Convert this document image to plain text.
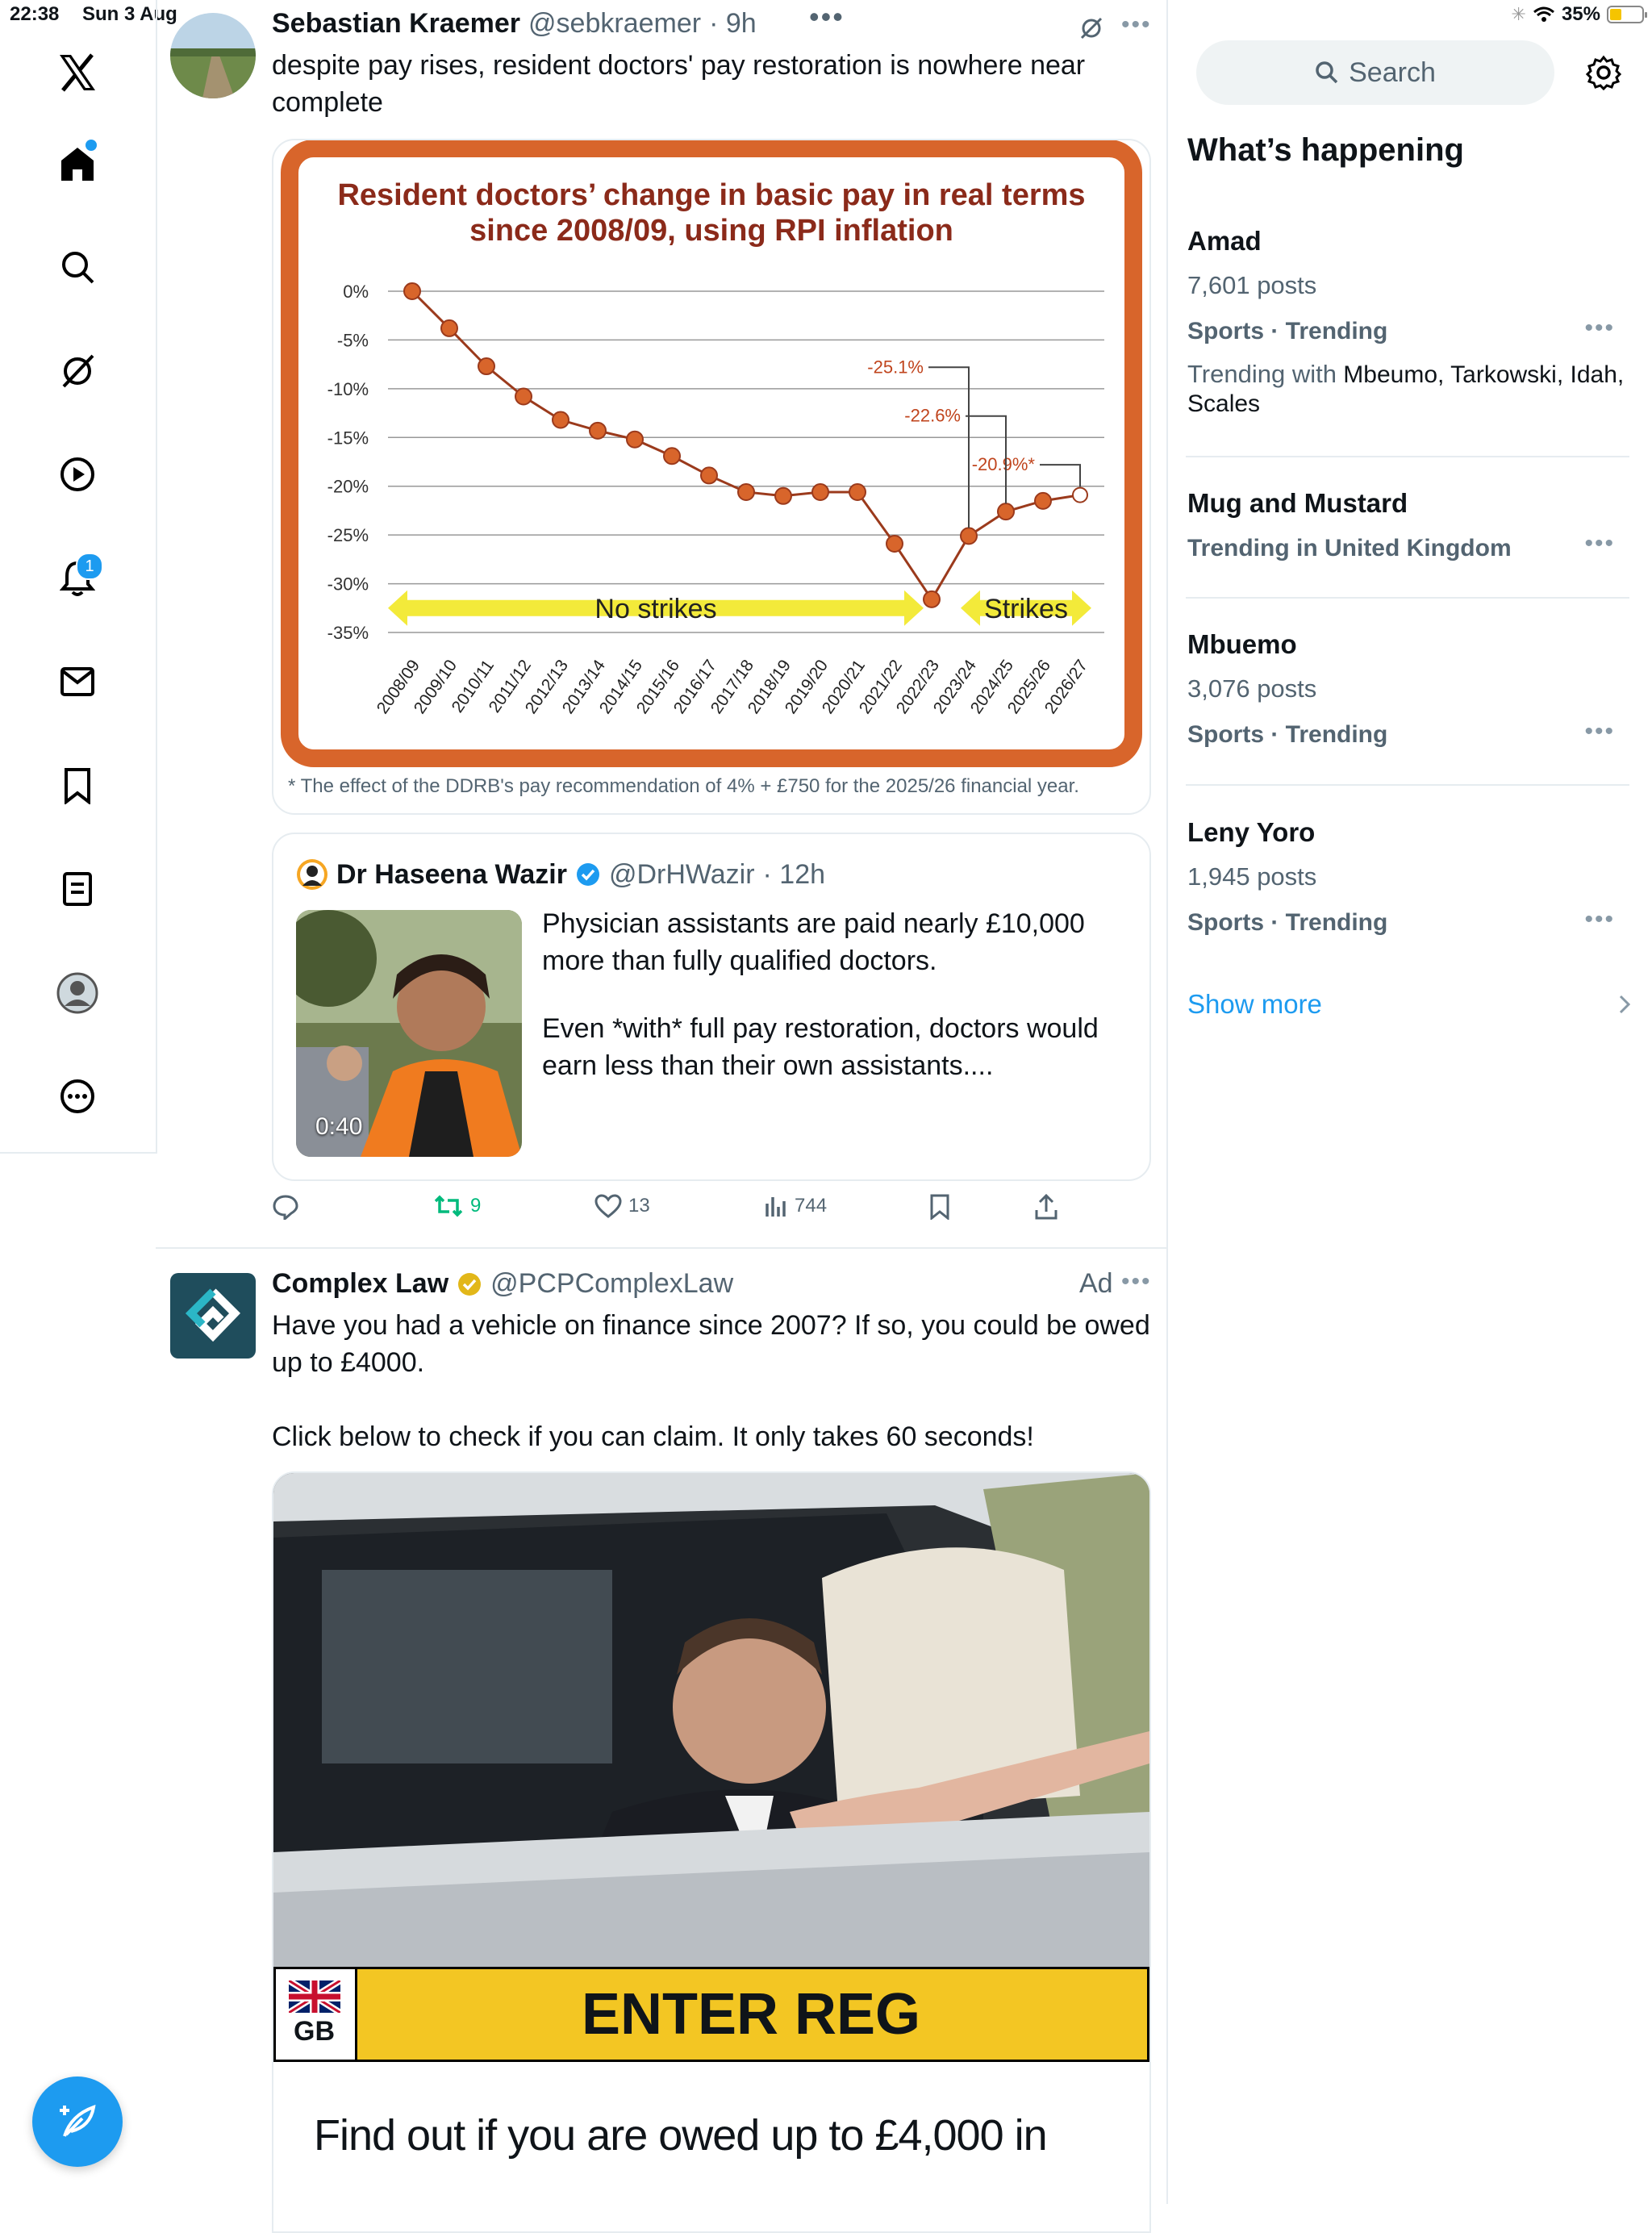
22:38 Sun 3 Aug	✳ 35%
1
Sebastian Kraemer @sebkraemer · 9h •••	•••
despite pay rises, resident doctors' pay restoration is nowhere near complete
Resident doctors’ change in basic pay in real terms
since 2008/09, using RPI inflation
0%
-5%
-10%
-15%
-20%
-25%
-30%
-35%
No strikes	Strikes
-20.9%*
-22.6%
-25.1%
2008/09
2009/10
2010/11
2011/12
2012/13
2013/14
2014/15
2015/16
2016/17
2017/18
2018/19
2019/20
2020/21
2021/22
2022/23
2023/24
2024/25
2025/26
2026/27
* The effect of the DDRB's pay recommendation of 4% + £750 for the 2025/26 financial year.
Dr Haseena Wazir @DrHWazir · 12h
0:40
Physician assistants are paid nearly £10,000 more than fully qualified doctors.
Even *with* full pay restoration, doctors would earn less than their own assistants....
9	13	744
Complex Law @PCPComplexLaw	Ad •••
Have you had a vehicle on finance since 2007? If so, you could be owed up to £4000.
Click below to check if you can claim. It only takes 60 seconds!
GB	ENTER REG
Find out if you are owed up to £4,000 in
Search
What’s happening
Amad
7,601 posts
Sports · Trending	•••
Trending with Mbeumo, Tarkowski, Idah, Scales
Mug and Mustard
Trending in United Kingdom	•••
Mbuemo
3,076 posts
Sports · Trending	•••
Leny Yoro
1,945 posts
Sports · Trending	•••
Show more
